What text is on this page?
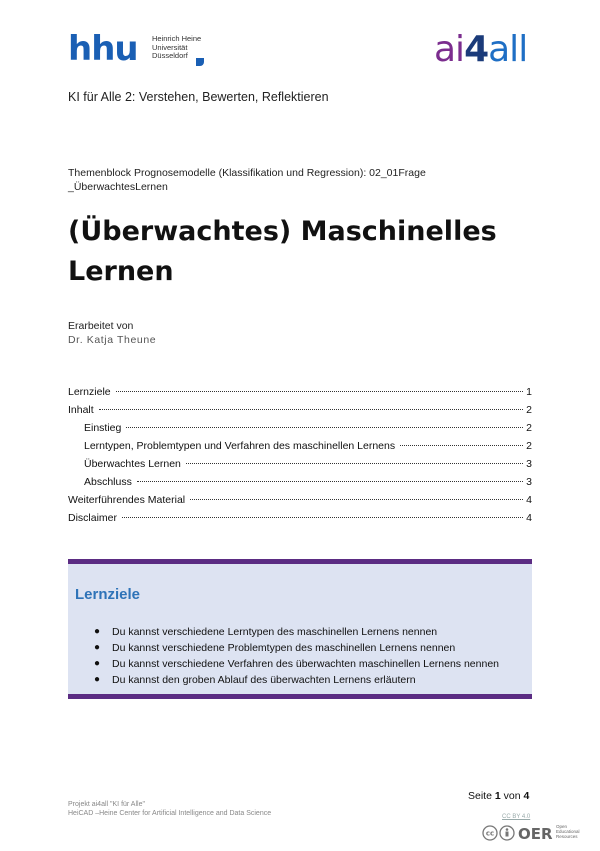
hhu	Heinrich Heine
Universität
Düsseldorf	ai4all
KI für Alle 2: Verstehen, Bewerten, Reflektieren
Themenblock Prognosemodelle (Klassifikation und Regression): 02_01Frage _ÜberwachtesLernen
(Überwachtes) Maschinelles Lernen
Erarbeitet von
Dr. Katja Theune
Lernziele	1
Inhalt	2
Einstieg	2
Lerntypen, Problemtypen und Verfahren des maschinellen Lernens	2
Überwachtes Lernen	3
Abschluss	3
Weiterführendes Material	4
Disclaimer	4
Lernziele
● Du kannst verschiedene Lerntypen des maschinellen Lernens nennen
● Du kannst verschiedene Problemtypen des maschinellen Lernens nennen
● Du kannst verschiedene Verfahren des überwachten maschinellen Lernens nennen
● Du kannst den groben Ablauf des überwachten Lernens erläutern
Seite 1 von 4
Projekt ai4all "KI für Alle"
HeiCAD –Heine Center for Artificial Intelligence and Data Science	CC BY 4.0
cc OER Open
Educational
Resources
